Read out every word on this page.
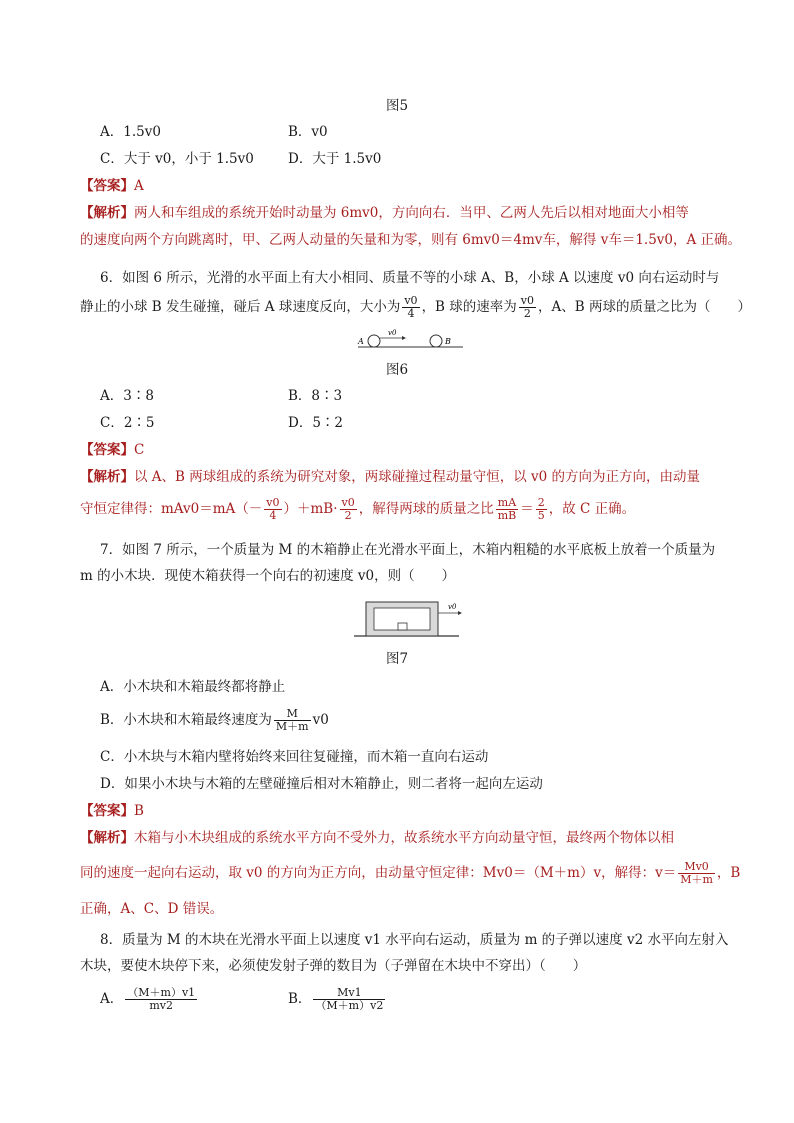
图5
A．1.5v0	B．v0
C．大于 v0，小于 1.5v0	D．大于 1.5v0
【答案】A
【解析】两人和车组成的系统开始时动量为 6mv0，方向向右．当甲、乙两人先后以相对地面大小相等
的速度向两个方向跳离时，甲、乙两人动量的矢量和为零，则有 6mv0＝4mv车，解得 v车＝1.5v0，A 正确。
6．如图 6 所示，光滑的水平面上有大小相同、质量不等的小球 A、B，小球 A 以速度 v0 向右运动时与
静止的小球 B 发生碰撞，碰后 A 球速度反向，大小为 $\frac{v0}{4}$ ，B 球的速率为 $\frac{v0}{2}$ ，A、B 两球的质量之比为（　　）
A
v0
B
图6
A．3∶8	B．8∶3
C．2∶5	D．5∶2
【答案】C
【解析】以 A、B 两球组成的系统为研究对象，两球碰撞过程动量守恒，以 v0 的方向为正方向，由动量
守恒定律得：$mAv0=mA(- \frac{v0}{4} )+mB\cdot \frac{v0}{2}$ ，解得两球的质量之比 $\frac{mA}{mB} = \frac{2}{5}$ ，故 C 正确。
7．如图 7 所示，一个质量为 M 的木箱静止在光滑水平面上，木箱内粗糙的水平底板上放着一个质量为
m 的小木块．现使木箱获得一个向右的初速度 v0，则（　　）
v0
图7
A．小木块和木箱最终都将静止
B．小木块和木箱最终速度为 $\frac{M}{M+m} v0$
C．小木块与木箱内壁将始终来回往复碰撞，而木箱一直向右运动
D．如果小木块与木箱的左壁碰撞后相对木箱静止，则二者将一起向左运动
【答案】B
【解析】木箱与小木块组成的系统水平方向不受外力，故系统水平方向动量守恒，最终两个物体以相
同的速度一起向右运动，取 v0 的方向为正方向，由动量守恒定律：Mv0＝（M＋m）v，解得：$v= \frac{Mv0}{M+m}$ ，B
正确，A、C、D 错误。
8．质量为 M 的木块在光滑水平面上以速度 v1 水平向右运动，质量为 m 的子弹以速度 v2 水平向左射入
木块，要使木块停下来，必须使发射子弹的数目为（子弹留在木块中不穿出）（　　）
A． $\frac{(M+m)v1}{mv2}$	B． $\frac{Mv1}{(M+m)v2}$
